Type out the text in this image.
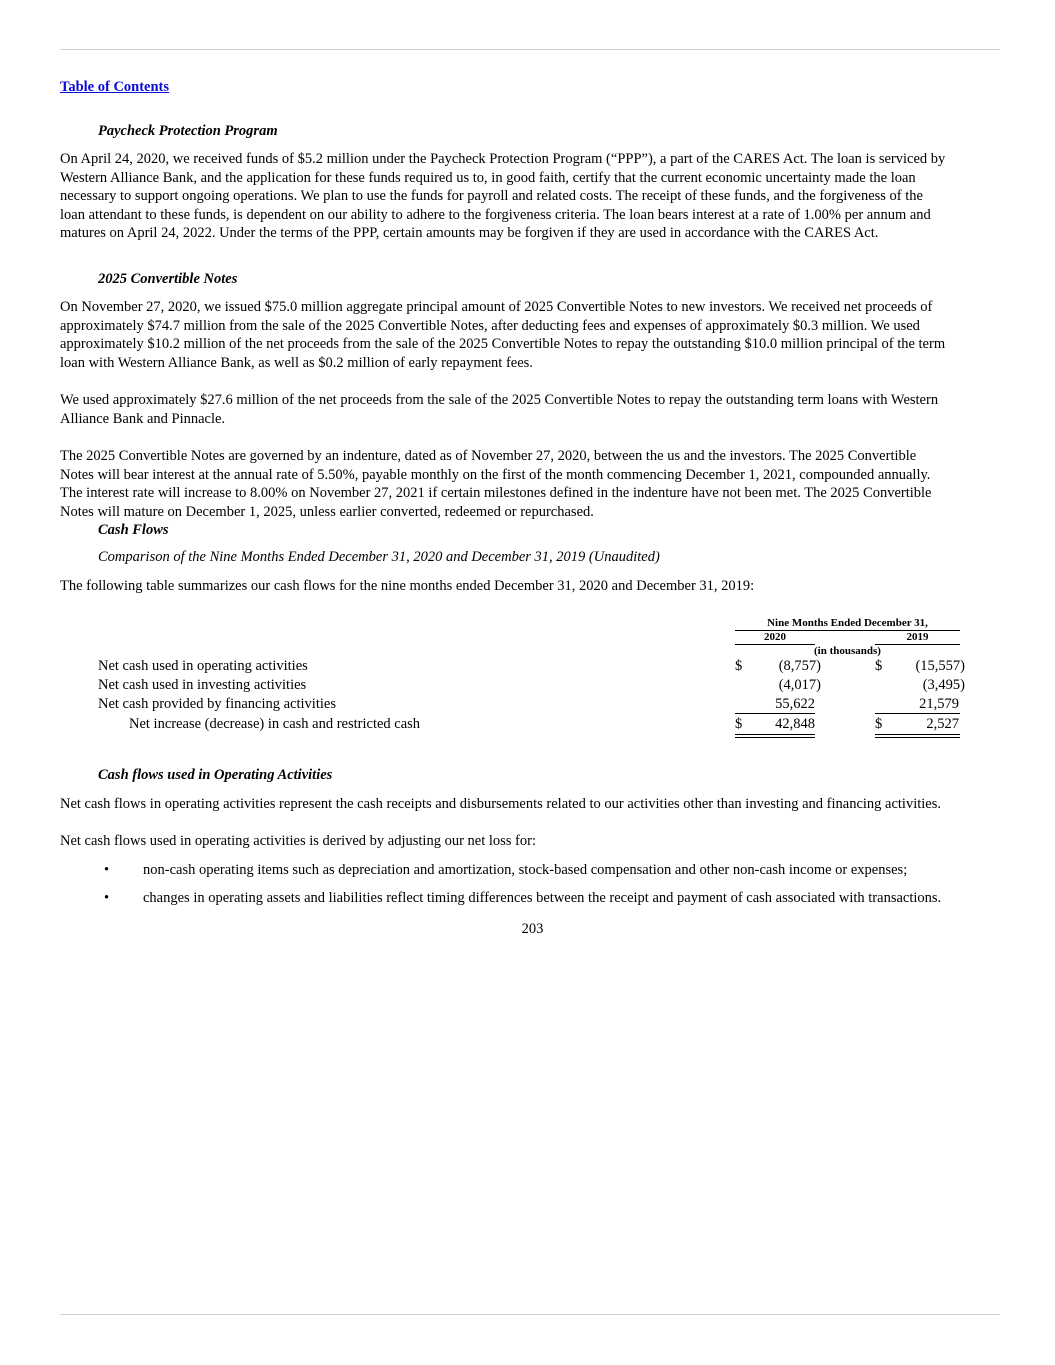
Table of Contents
Paycheck Protection Program
On April 24, 2020, we received funds of $5.2 million under the Paycheck Protection Program (“PPP”), a part of the CARES Act. The loan is serviced by
Western Alliance Bank, and the application for these funds required us to, in good faith, certify that the current economic uncertainty made the loan
necessary to support ongoing operations. We plan to use the funds for payroll and related costs. The receipt of these funds, and the forgiveness of the
loan attendant to these funds, is dependent on our ability to adhere to the forgiveness criteria. The loan bears interest at a rate of 1.00% per annum and
matures on April 24, 2022. Under the terms of the PPP, certain amounts may be forgiven if they are used in accordance with the CARES Act.
2025 Convertible Notes
On November 27, 2020, we issued $75.0 million aggregate principal amount of 2025 Convertible Notes to new investors. We received net proceeds of
approximately $74.7 million from the sale of the 2025 Convertible Notes, after deducting fees and expenses of approximately $0.3 million. We used
approximately $10.2 million of the net proceeds from the sale of the 2025 Convertible Notes to repay the outstanding $10.0 million principal of the term
loan with Western Alliance Bank, as well as $0.2 million of early repayment fees.
We used approximately $27.6 million of the net proceeds from the sale of the 2025 Convertible Notes to repay the outstanding term loans with Western
Alliance Bank and Pinnacle.
The 2025 Convertible Notes are governed by an indenture, dated as of November 27, 2020, between the us and the investors. The 2025 Convertible
Notes will bear interest at the annual rate of 5.50%, payable monthly on the first of the month commencing December 1, 2021, compounded annually.
The interest rate will increase to 8.00% on November 27, 2021 if certain milestones defined in the indenture have not been met. The 2025 Convertible
Notes will mature on December 1, 2025, unless earlier converted, redeemed or repurchased.
Cash Flows
Comparison of the Nine Months Ended December 31, 2020 and December 31, 2019 (Unaudited)
The following table summarizes our cash flows for the nine months ended December 31, 2020 and December 31, 2019:
Nine Months Ended December 31,
2020	2019
(in thousands)
Net cash used in operating activities	$	(8,757)	$	(15,557)
Net cash used in investing activities	(4,017)	(3,495)
Net cash provided by financing activities	55,622	21,579
Net increase (decrease) in cash and restricted cash	$	42,848	$	2,527
Cash flows used in Operating Activities
Net cash flows in operating activities represent the cash receipts and disbursements related to our activities other than investing and financing activities.
Net cash flows used in operating activities is derived by adjusting our net loss for:
• non-cash operating items such as depreciation and amortization, stock-based compensation and other non-cash income or expenses;
• changes in operating assets and liabilities reflect timing differences between the receipt and payment of cash associated with transactions.
203
